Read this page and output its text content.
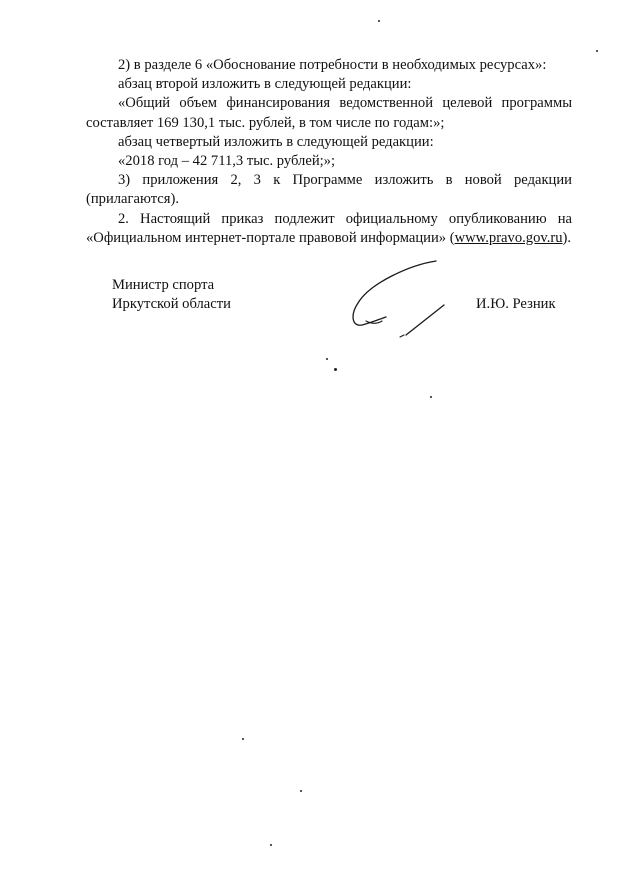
2) в разделе 6 «Обоснование потребности в необходимых ресурсах»:

абзац второй изложить в следующей редакции:

«Общий объем финансирования ведомственной целевой программы составляет 169 130,1 тыс. рублей, в том числе по годам:»;

абзац четвертый изложить в следующей редакции:

«2018 год – 42 711,3 тыс. рублей;»;

3) приложения 2, 3 к Программе изложить в новой редакции (прилагаются).

2. Настоящий приказ подлежит официальному опубликованию на «Официальном интернет-портале правовой информации» (www.pravo.gov.ru).

Министр спорта

Иркутской области	И.Ю. Резник
